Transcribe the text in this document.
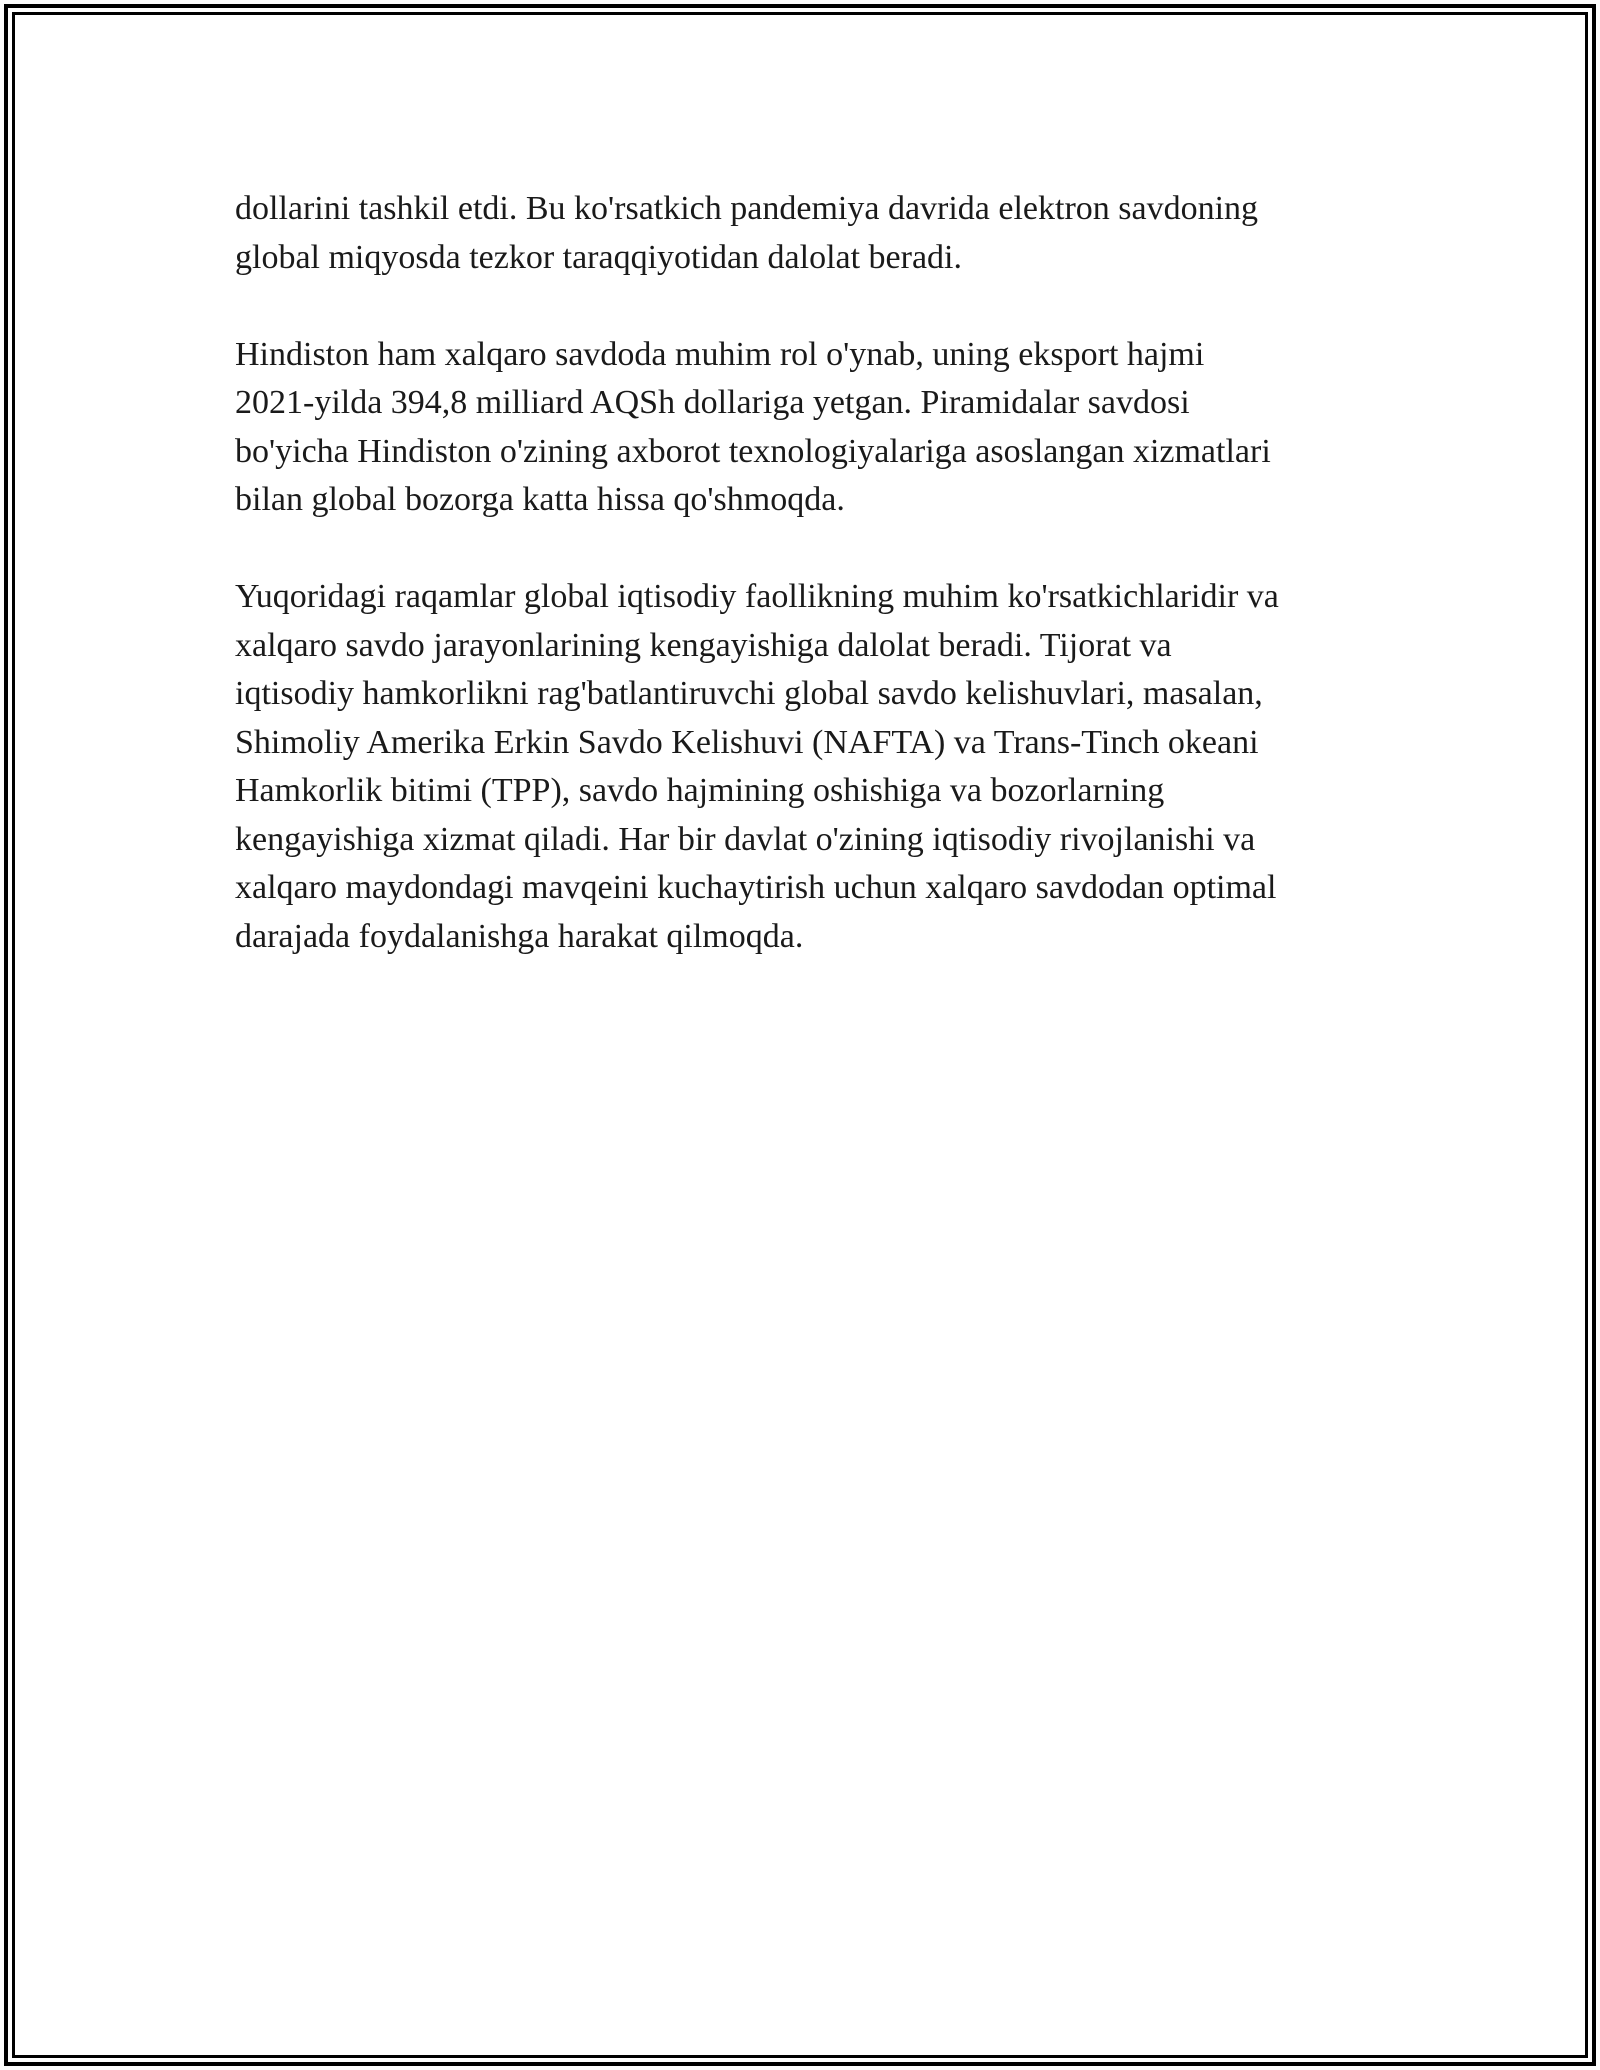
dollarini tashkil etdi. Bu ko'rsatkich pandemiya davrida elektron savdoning
global miqyosda tezkor taraqqiyotidan dalolat beradi.

Hindiston ham xalqaro savdoda muhim rol o'ynab, uning eksport hajmi
2021-yilda 394,8 milliard AQSh dollariga yetgan. Piramidalar savdosi
bo'yicha Hindiston o'zining axborot texnologiyalariga asoslangan xizmatlari
bilan global bozorga katta hissa qo'shmoqda.

Yuqoridagi raqamlar global iqtisodiy faollikning muhim ko'rsatkichlaridir va
xalqaro savdo jarayonlarining kengayishiga dalolat beradi. Tijorat va
iqtisodiy hamkorlikni rag'batlantiruvchi global savdo kelishuvlari, masalan,
Shimoliy Amerika Erkin Savdo Kelishuvi (NAFTA) va Trans-Tinch okeani
Hamkorlik bitimi (TPP), savdo hajmining oshishiga va bozorlarning
kengayishiga xizmat qiladi. Har bir davlat o'zining iqtisodiy rivojlanishi va
xalqaro maydondagi mavqeini kuchaytirish uchun xalqaro savdodan optimal
darajada foydalanishga harakat qilmoqda.
